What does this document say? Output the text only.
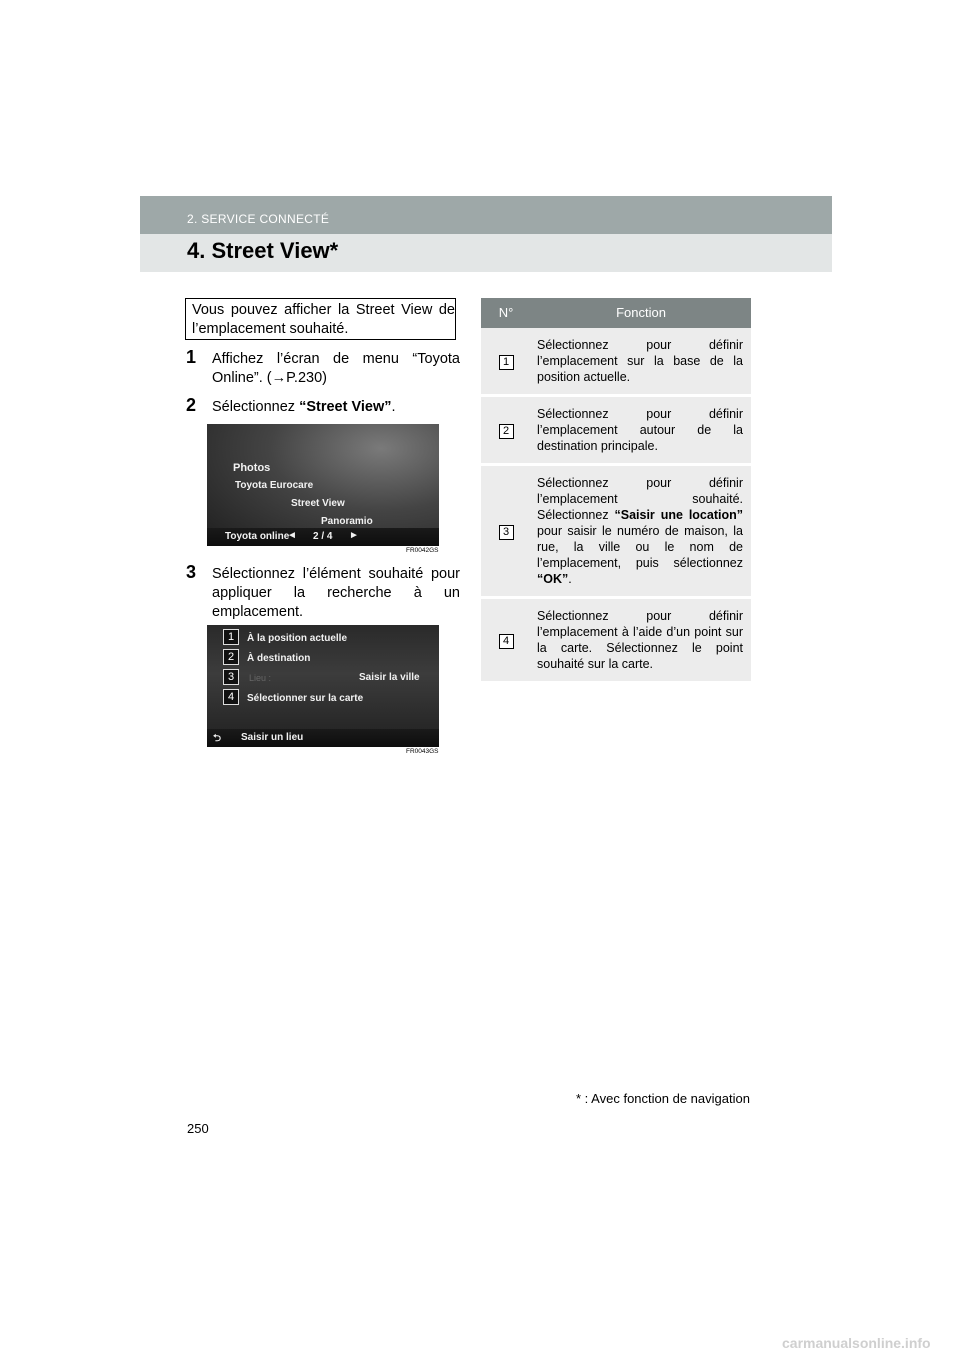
2. SERVICE CONNECTÉ
4. Street View*
Vous pouvez afficher la Street View de l’emplacement souhaité.
1 Affichez l’écran de menu “Toyota Online”. (→P.230)
2 Sélectionnez “Street View”.
Photos
Toyota Eurocare
Street View
Panoramio
Toyota online
◄ 2 / 4 ►
FR0042GS
3 Sélectionnez l’élément souhaité pour appliquer la recherche à un emplacement.
1	À la position actuelle
2	À destination
3	Lieu :	Saisir la ville
4	Sélectionner sur la carte
⮌ Saisir un lieu
FR0043GS
N°	Fonction
1	Sélectionnez pour définir l’emplacement sur la base de la position actuelle.
2	Sélectionnez pour définir l’emplacement autour de la destination principale.
3	Sélectionnez pour définir l’emplacement souhaité. Sélectionnez “Saisir une location” pour saisir le numéro de maison, la rue, la ville ou le nom de l’emplacement, puis sélectionnez “OK”.
4	Sélectionnez pour définir l’emplacement à l’aide d’un point sur la carte. Sélectionnez le point souhaité sur la carte.
* : Avec fonction de navigation
250
carmanualsonline.info
